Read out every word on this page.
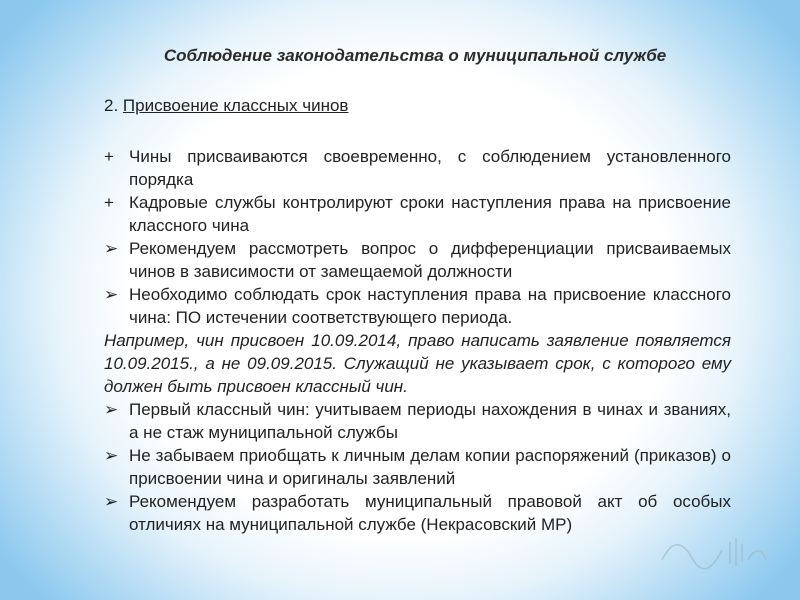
Соблюдение законодательства о муниципальной службе
2. Присвоение классных чинов
+ Чины присваиваются своевременно, с соблюдением установленного порядка
+ Кадровые службы контролируют сроки наступления права на присвоение классного чина
➢ Рекомендуем рассмотреть вопрос о дифференциации присваиваемых чинов в зависимости от замещаемой должности
➢ Необходимо соблюдать срок наступления права на присвоение классного чина: ПО истечении соответствующего периода.
Например, чин присвоен 10.09.2014, право написать заявление появляется 10.09.2015., а не 09.09.2015. Служащий не указывает срок, с которого ему должен быть присвоен классный чин.
➢ Первый классный чин: учитываем периоды нахождения в чинах и званиях, а не стаж муниципальной службы
➢ Не забываем приобщать к личным делам копии распоряжений (приказов) о присвоении чина и оригиналы заявлений
➢ Рекомендуем разработать муниципальный правовой акт об особых отличиях на муниципальной службе (Некрасовский МР)
